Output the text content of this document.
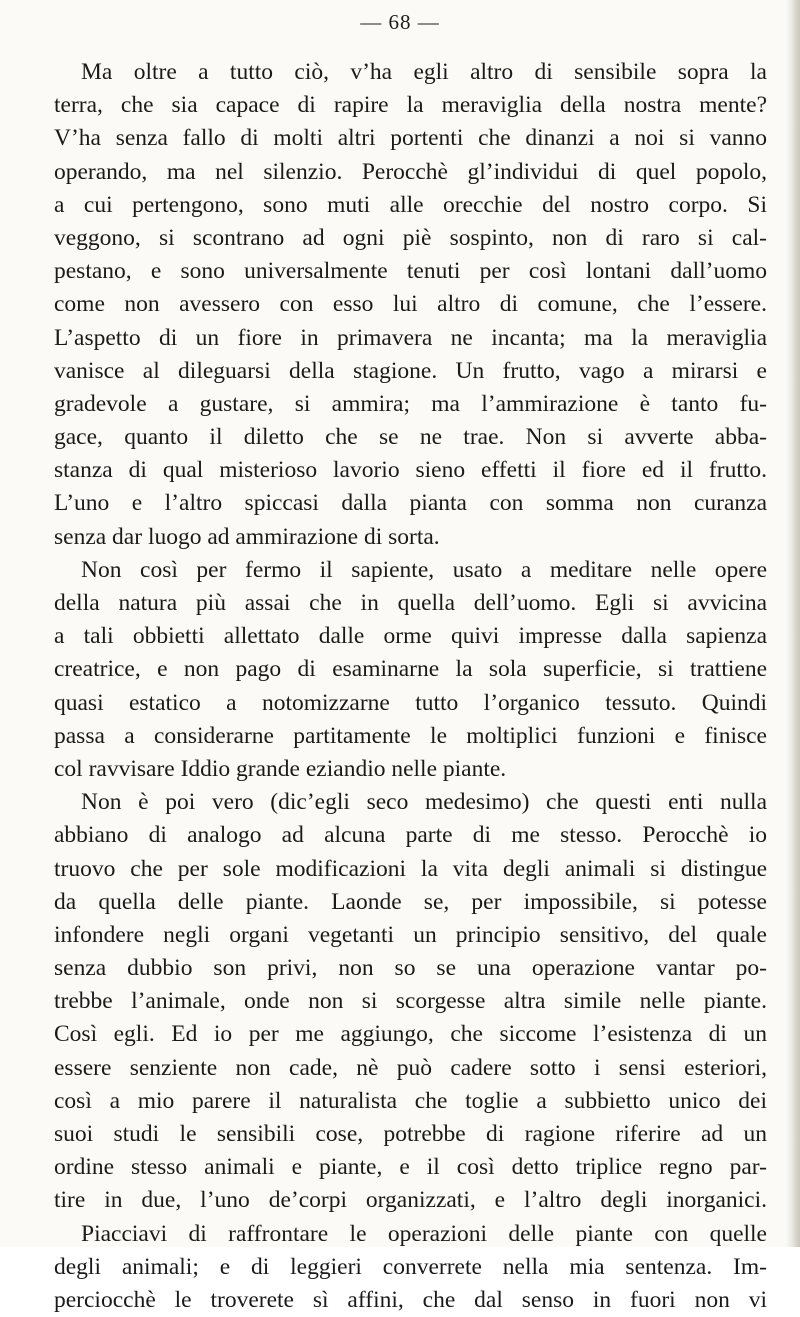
— 68 —
Ma oltre a tutto ciò, v’ha egli altro di sensibile sopra la
terra, che sia capace di rapire la meraviglia della nostra mente?
V’ha senza fallo di molti altri portenti che dinanzi a noi si vanno
operando, ma nel silenzio. Perocchè gl’individui di quel popolo,
a cui pertengono, sono muti alle orecchie del nostro corpo. Si
veggono, si scontrano ad ogni piè sospinto, non di raro si cal-
pestano, e sono universalmente tenuti per così lontani dall’uomo
come non avessero con esso lui altro di comune, che l’essere.
L’aspetto di un fiore in primavera ne incanta; ma la meraviglia
vanisce al dileguarsi della stagione. Un frutto, vago a mirarsi e
gradevole a gustare, si ammira; ma l’ammirazione è tanto fu-
gace, quanto il diletto che se ne trae. Non si avverte abba-
stanza di qual misterioso lavorio sieno effetti il fiore ed il frutto.
L’uno e l’altro spiccasi dalla pianta con somma non curanza
senza dar luogo ad ammirazione di sorta.
Non così per fermo il sapiente, usato a meditare nelle opere
della natura più assai che in quella dell’uomo. Egli si avvicina
a tali obbietti allettato dalle orme quivi impresse dalla sapienza
creatrice, e non pago di esaminarne la sola superficie, si trattiene
quasi estatico a notomizzarne tutto l’organico tessuto. Quindi
passa a considerarne partitamente le moltiplici funzioni e finisce
col ravvisare Iddio grande eziandio nelle piante.
Non è poi vero (dic’egli seco medesimo) che questi enti nulla
abbiano di analogo ad alcuna parte di me stesso. Perocchè io
truovo che per sole modificazioni la vita degli animali si distingue
da quella delle piante. Laonde se, per impossibile, si potesse
infondere negli organi vegetanti un principio sensitivo, del quale
senza dubbio son privi, non so se una operazione vantar po-
trebbe l’animale, onde non si scorgesse altra simile nelle piante.
Così egli. Ed io per me aggiungo, che siccome l’esistenza di un
essere senziente non cade, nè può cadere sotto i sensi esteriori,
così a mio parere il naturalista che toglie a subbietto unico dei
suoi studi le sensibili cose, potrebbe di ragione riferire ad un
ordine stesso animali e piante, e il così detto triplice regno par-
tire in due, l’uno de’corpi organizzati, e l’altro degli inorganici.
Piacciavi di raffrontare le operazioni delle piante con quelle
degli animali; e di leggieri converrete nella mia sentenza. Im-
perciocchè le troverete sì affini, che dal senso in fuori non vi
